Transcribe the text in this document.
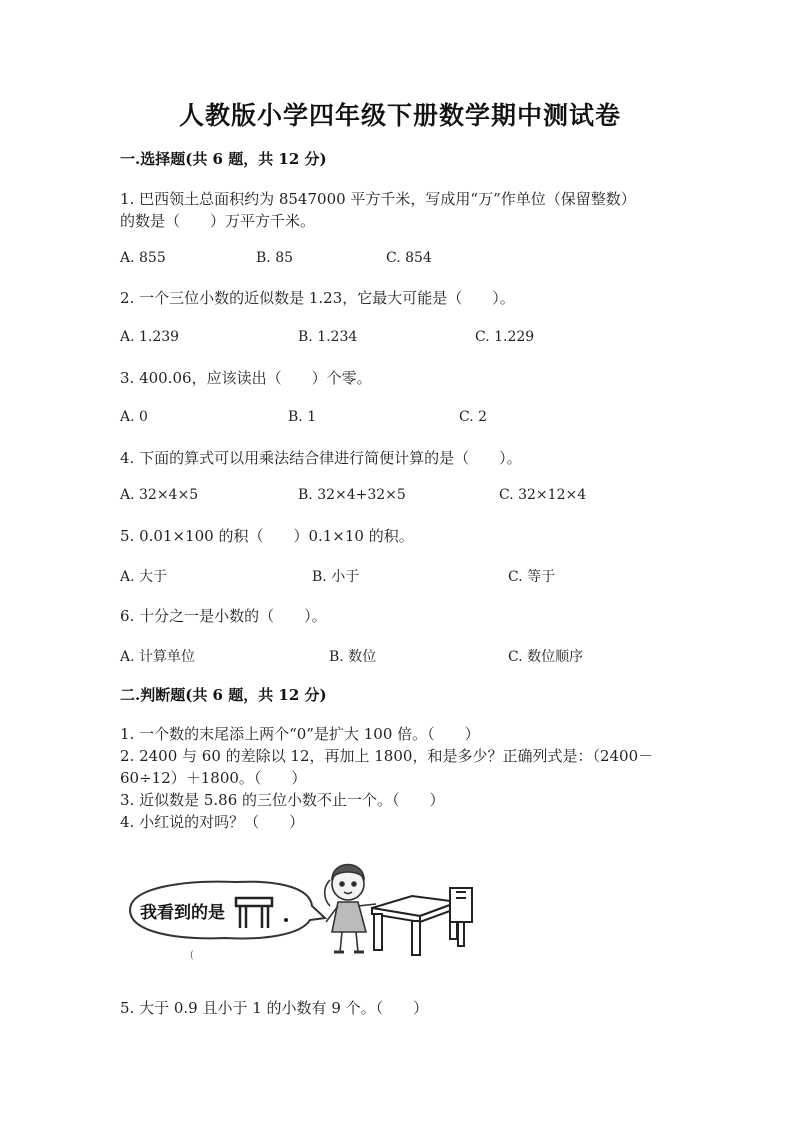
人教版小学四年级下册数学期中测试卷
一.选择题(共 6 题，共 12 分)
1. 巴西领土总面积约为 8547000 平方千米，写成用“万”作单位（保留整数）
的数是（　　）万平方千米。
A. 855	B. 85	C. 854
2. 一个三位小数的近似数是 1.23，它最大可能是（　　）。
A. 1.239	B. 1.234	C. 1.229
3. 400.06，应该读出（　　）个零。
A. 0	B. 1	C. 2
4. 下面的算式可以用乘法结合律进行简便计算的是（　　）。
A. 32×4×5	B. 32×4+32×5	C. 32×12×4
5. 0.01×100 的积（　　）0.1×10 的积。
A. 大于	B. 小于	C. 等于
6. 十分之一是小数的（　　）。
A. 计算单位	B. 数位	C. 数位顺序
二.判断题(共 6 题，共 12 分)
1. 一个数的末尾添上两个“0”是扩大 100 倍。（　　）
2. 2400 与 60 的差除以 12，再加上 1800，和是多少？正确列式是：（2400－
60÷12）＋1800。（　　）
3. 近似数是 5.86 的三位小数不止一个。（　　）
4. 小红说的对吗？（　　）
我看到的是
(
5. 大于 0.9 且小于 1 的小数有 9 个。（　　）
